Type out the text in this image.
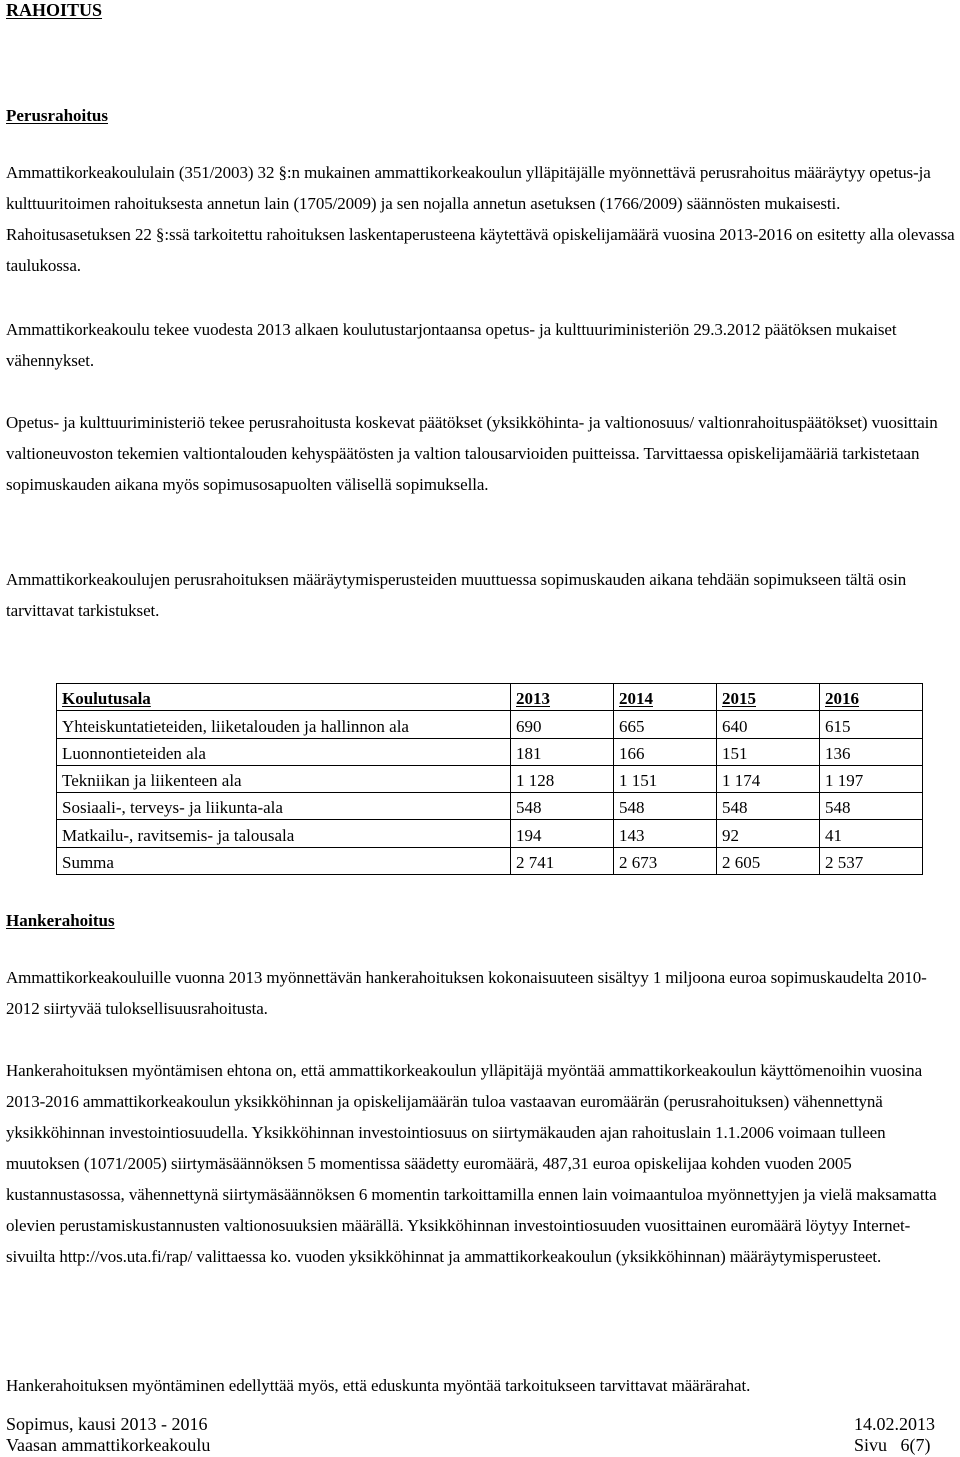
RAHOITUS
Perusrahoitus

Ammattikorkeakoululain (351/2003) 32 §:n mukainen ammattikorkeakoulun ylläpitäjälle myönnettävä perusrahoitus määräytyy opetus-ja kulttuuritoimen rahoituksesta annetun lain (1705/2009) ja sen nojalla annetun asetuksen (1766/2009) säännösten mukaisesti. Rahoitusasetuksen 22 §:ssä tarkoitettu rahoituksen laskentaperusteena käytettävä opiskelijamäärä vuosina 2013-2016 on esitetty alla olevassa taulukossa.

Ammattikorkeakoulu tekee vuodesta 2013 alkaen koulutustarjontaansa opetus- ja kulttuuriministeriön 29.3.2012 päätöksen mukaiset vähennykset.

Opetus- ja kulttuuriministeriö tekee perusrahoitusta koskevat päätökset (yksikköhinta- ja valtionosuus/ valtionrahoituspäätökset) vuosittain valtioneuvoston tekemien valtiontalouden kehyspäätösten ja valtion talousarvioiden puitteissa. Tarvittaessa opiskelijamääriä tarkistetaan sopimuskauden aikana myös sopimusosapuolten välisellä sopimuksella.

Ammattikorkeakoulujen perusrahoituksen määräytymisperusteiden muuttuessa sopimuskauden aikana tehdään sopimukseen tältä osin tarvittavat tarkistukset.

Koulutusala	2013	2014	2015	2016
Yhteiskuntatieteiden, liiketalouden ja hallinnon ala	690	665	640	615
Luonnontieteiden ala	181	166	151	136
Tekniikan ja liikenteen ala	1 128	1 151	1 174	1 197
Sosiaali-, terveys- ja liikunta-ala	548	548	548	548
Matkailu-, ravitsemis- ja talousala	194	143	92	41
Summa	2 741	2 673	2 605	2 537
Hankerahoitus

Ammattikorkeakouluille vuonna 2013 myönnettävän hankerahoituksen kokonaisuuteen sisältyy 1 miljoona euroa sopimuskaudelta 2010-2012 siirtyvää tuloksellisuusrahoitusta.

Hankerahoituksen myöntämisen ehtona on, että ammattikorkeakoulun ylläpitäjä myöntää ammattikorkeakoulun käyttömenoihin vuosina 2013-2016 ammattikorkeakoulun yksikköhinnan ja opiskelijamäärän tuloa vastaavan euromäärän (perusrahoituksen) vähennettynä yksikköhinnan investointiosuudella. Yksikköhinnan investointiosuus on siirtymäkauden ajan rahoituslain 1.1.2006 voimaan tulleen muutoksen (1071/2005) siirtymäsäännöksen 5 momentissa säädetty euromäärä, 487,31 euroa opiskelijaa kohden vuoden 2005 kustannustasossa, vähennettynä siirtymäsäännöksen 6 momentin tarkoittamilla ennen lain voimaantuloa myönnettyjen ja vielä maksamatta olevien perustamiskustannusten valtionosuuksien määrällä. Yksikköhinnan investointiosuuden vuosittainen euromäärä löytyy Internet-sivuilta http://vos.uta.fi/rap/ valittaessa ko. vuoden yksikköhinnat ja ammattikorkeakoulun (yksikköhinnan) määräytymisperusteet.

Hankerahoituksen myöntäminen edellyttää myös, että eduskunta myöntää tarkoitukseen tarvittavat määrärahat.

Sopimus, kausi 2013 - 2016	14.02.2013
Vaasan ammattikorkeakoulu	Sivu   6(7)
